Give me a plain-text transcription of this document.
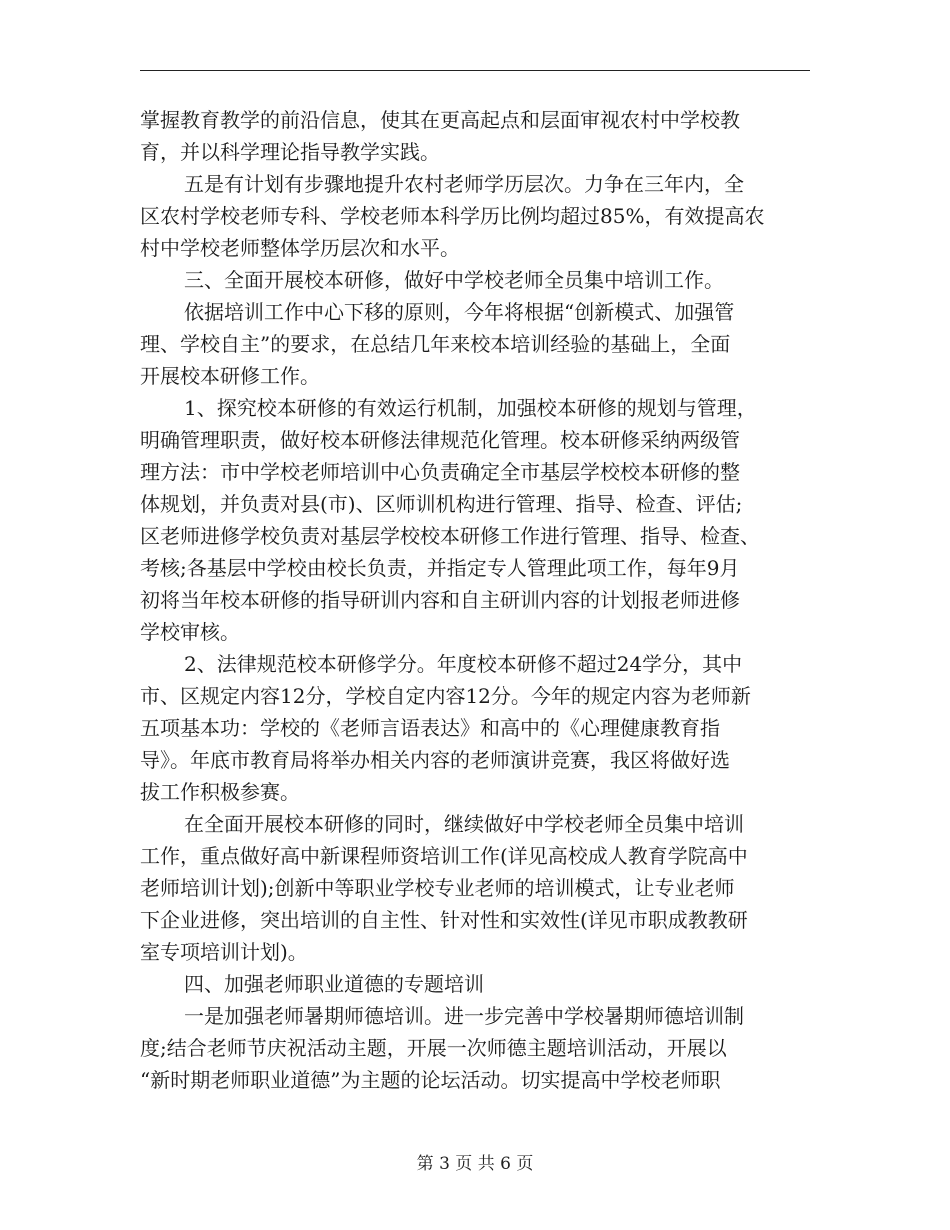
掌握教育教学的前沿信息，使其在更高起点和层面审视农村中学校教
育，并以科学理论指导教学实践。
五是有计划有步骤地提升农村老师学历层次。力争在三年内，全
区农村学校老师专科、学校老师本科学历比例均超过85%，有效提高农
村中学校老师整体学历层次和水平。
三、全面开展校本研修，做好中学校老师全员集中培训工作。
依据培训工作中心下移的原则，今年将根据“创新模式、加强管
理、学校自主”的要求，在总结几年来校本培训经验的基础上，全面
开展校本研修工作。
1、探究校本研修的有效运行机制，加强校本研修的规划与管理，
明确管理职责，做好校本研修法律规范化管理。校本研修采纳两级管
理方法：市中学校老师培训中心负责确定全市基层学校校本研修的整
体规划，并负责对县(市)、区师训机构进行管理、指导、检查、评估;
区老师进修学校负责对基层学校校本研修工作进行管理、指导、检查、
考核;各基层中学校由校长负责，并指定专人管理此项工作，每年9月
初将当年校本研修的指导研训内容和自主研训内容的计划报老师进修
学校审核。
2、法律规范校本研修学分。年度校本研修不超过24学分，其中
市、区规定内容12分，学校自定内容12分。今年的规定内容为老师新
五项基本功：学校的《老师言语表达》和高中的《心理健康教育指
导》。年底市教育局将举办相关内容的老师演讲竞赛，我区将做好选
拔工作积极参赛。
在全面开展校本研修的同时，继续做好中学校老师全员集中培训
工作，重点做好高中新课程师资培训工作(详见高校成人教育学院高中
老师培训计划);创新中等职业学校专业老师的培训模式，让专业老师
下企业进修，突出培训的自主性、针对性和实效性(详见市职成教教研
室专项培训计划)。
四、加强老师职业道德的专题培训
一是加强老师暑期师德培训。进一步完善中学校暑期师德培训制
度;结合老师节庆祝活动主题，开展一次师德主题培训活动，开展以
“新时期老师职业道德”为主题的论坛活动。切实提高中学校老师职
第 3 页 共 6 页
